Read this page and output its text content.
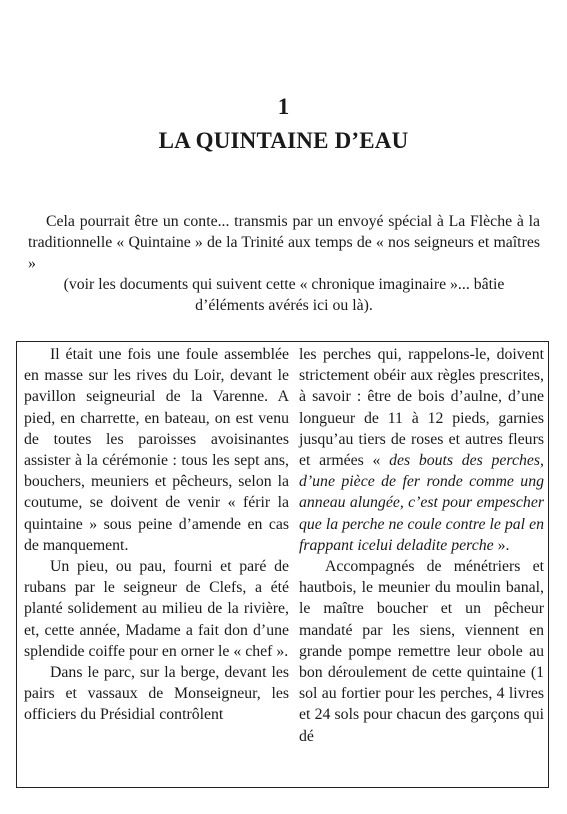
1
LA QUINTAINE D’EAU

Cela pourrait être un conte... transmis par un envoyé spécial à La Flèche à la traditionnelle « Quintaine » de la Trinité aux temps de « nos seigneurs et maîtres »

(voir les documents qui suivent cette « chronique imaginaire »... bâtie d’éléments avérés ici ou là).

Il était une fois une foule assemblée en masse sur les rives du Loir, devant le pavillon seigneurial de la Varenne. A pied, en charrette, en bateau, on est venu de toutes les paroisses avoisinantes assister à la cérémonie : tous les sept ans, bouchers, meuniers et pêcheurs, selon la coutume, se doivent de venir « férir la quintaine » sous peine d’amende en cas de manquement.

Un pieu, ou pau, fourni et paré de rubans par le seigneur de Clefs, a été planté solidement au milieu de la rivière, et, cette année, Madame a fait don d’une splendide coiffe pour en orner le « chef ».

Dans le parc, sur la berge, devant les pairs et vassaux de Monseigneur, les officiers du Présidial contrôlent

les perches qui, rappelons-le, doivent strictement obéir aux règles prescrites, à savoir : être de bois d’aulne, d’une longueur de 11 à 12 pieds, garnies jusqu’au tiers de roses et autres fleurs et armées « des bouts des perches, d’une pièce de fer ronde comme ung anneau alungée, c’est pour empescher que la perche ne coule contre le pal en frappant icelui deladite perche ».

Accompagnés de ménétriers et hautbois, le meunier du moulin banal, le maître boucher et un pêcheur mandaté par les siens, viennent en grande pompe remettre leur obole au bon déroulement de cette quintaine (1 sol au fortier pour les perches, 4 livres et 24 sols pour chacun des garçons qui dé
